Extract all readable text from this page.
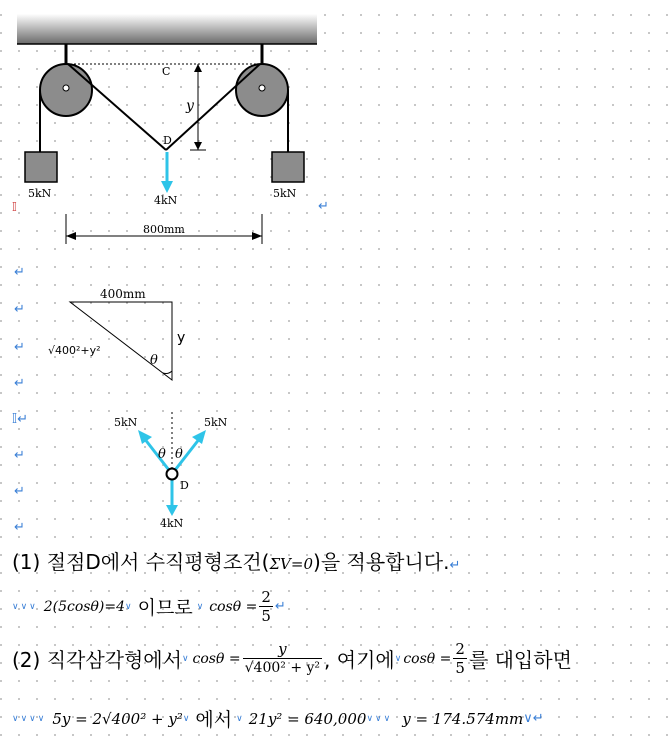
C
D
y
5kN	5kN
4kN
800mm
400mm
y
√400²+y²
θ
5kN	5kN
θ θ
D
4kN
𝕀	↵
↵
↵
↵
↵
𝕀↵
↵
↵
↵
(1) 절점D에서 수직평형조건(ΣV=0)을 적용합니다.↵
∨∨∨ 2(5cosθ)=4 ∨ 이므로 ∨ $\cos\theta = \frac{2}{5}$ ↵
(2) 직각삼각형에서 ∨ $\cos\theta = \frac{y}{\text{√400² + y²}}$ , 여기에 ∨ $\cos\theta = \frac{2}{5}$ 를 대입하면
∨∨∨∨ 5y = 2√400² + y² ∨ 에서 ∨ 21y² = 640,000 ∨∨∨ y = 174.574mm ∨↵
